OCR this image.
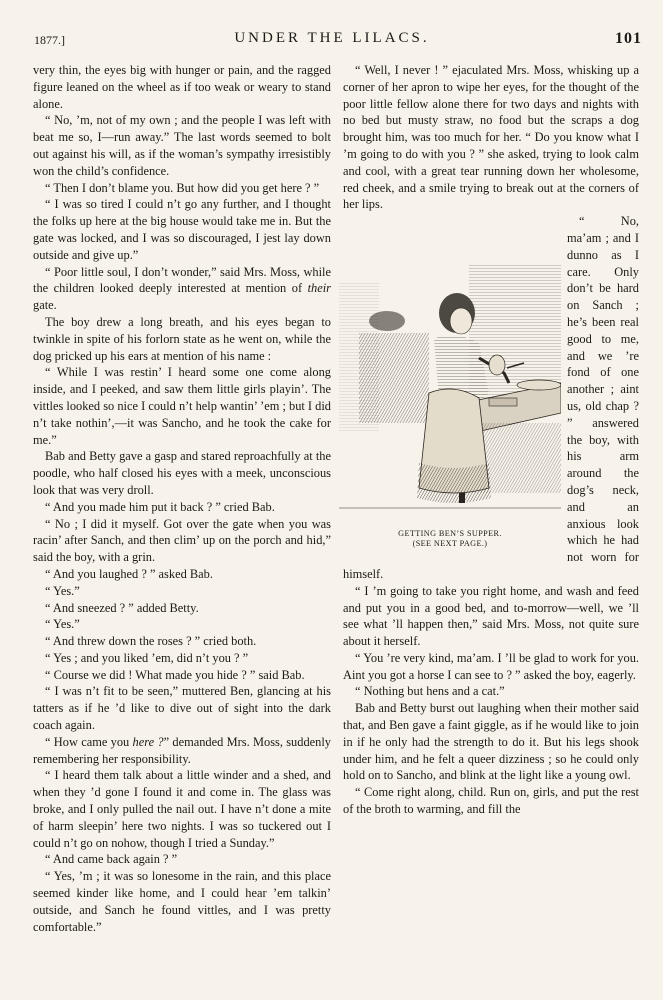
1877.]	UNDER THE LILACS.	101

very thin, the eyes big with hunger or pain, and the ragged figure leaned on the wheel as if too weak or weary to stand alone.

“ No, ’m, not of my own ; and the people I was left with beat me so, I—run away.” The last words seemed to bolt out against his will, as if the woman’s sympathy irresistibly won the child’s confidence.

“ Then I don’t blame you. But how did you get here ? ”

“ I was so tired I could n’t go any further, and I thought the folks up here at the big house would take me in. But the gate was locked, and I was so discouraged, I jest lay down outside and give up.”

“ Poor little soul, I don’t wonder,” said Mrs. Moss, while the children looked deeply interested at mention of their gate.

The boy drew a long breath, and his eyes began to twinkle in spite of his forlorn state as he went on, while the dog pricked up his ears at mention of his name :

“ While I was restin’ I heard some one come along inside, and I peeked, and saw them little girls playin’. The vittles looked so nice I could n’t help wantin’ ’em ; but I did n’t take nothin’,—it was Sancho, and he took the cake for me.”

Bab and Betty gave a gasp and stared reproachfully at the poodle, who half closed his eyes with a meek, unconscious look that was very droll.

“ And you made him put it back ? ” cried Bab.

“ No ; I did it myself. Got over the gate when you was racin’ after Sanch, and then clim’ up on the porch and hid,” said the boy, with a grin.

“ And you laughed ? ” asked Bab.

“ Yes.”

“ And sneezed ? ” added Betty.

“ Yes.”

“ And threw down the roses ? ” cried both.

“ Yes ; and you liked ’em, did n’t you ? ”

“ Course we did ! What made you hide ? ” said Bab.

“ I was n’t fit to be seen,” muttered Ben, glancing at his tatters as if he ’d like to dive out of sight into the dark coach again.

“ How came you here ?” demanded Mrs. Moss, suddenly remembering her responsibility.

“ I heard them talk about a little winder and a shed, and when they ’d gone I found it and come in. The glass was broke, and I only pulled the nail out. I have n’t done a mite of harm sleepin’ here two nights. I was so tuckered out I could n’t go on nohow, though I tried a Sunday.”

“ And came back again ? ”

“ Yes, ’m ; it was so lonesome in the rain, and this place seemed kinder like home, and I could hear ’em talkin’ outside, and Sanch he found vittles, and I was pretty comfortable.”

“ Well, I never ! ” ejaculated Mrs. Moss, whisking up a corner of her apron to wipe her eyes, for the thought of the poor little fellow alone there for two days and nights with no bed but musty straw, no food but the scraps a dog brought him, was too much for her. “ Do you know what I ’m going to do with you ? ” she asked, trying to look calm and cool, with a great tear running down her wholesome, red cheek, and a smile trying to break out at the corners of her lips.

GETTING BEN’S SUPPER.
(SEE NEXT PAGE.)

“ No, ma’am ; and I dunno as I care. Only don’t be hard on Sanch ; he’s been real good to me, and we ’re fond of one another ; aint us, old chap ? ” answered the boy, with his arm around the dog’s neck, and an anxious look which he had not worn for himself.

“ I ’m going to take you right home, and wash and feed and put you in a good bed, and to-morrow—well, we ’ll see what ’ll happen then,” said Mrs. Moss, not quite sure about it herself.

“ You ’re very kind, ma’am. I ’ll be glad to work for you. Aint you got a horse I can see to ? ” asked the boy, eagerly.

“ Nothing but hens and a cat.”

Bab and Betty burst out laughing when their mother said that, and Ben gave a faint giggle, as if he would like to join in if he only had the strength to do it. But his legs shook under him, and he felt a queer dizziness ; so he could only hold on to Sancho, and blink at the light like a young owl.

“ Come right along, child. Run on, girls, and put the rest of the broth to warming, and fill the
